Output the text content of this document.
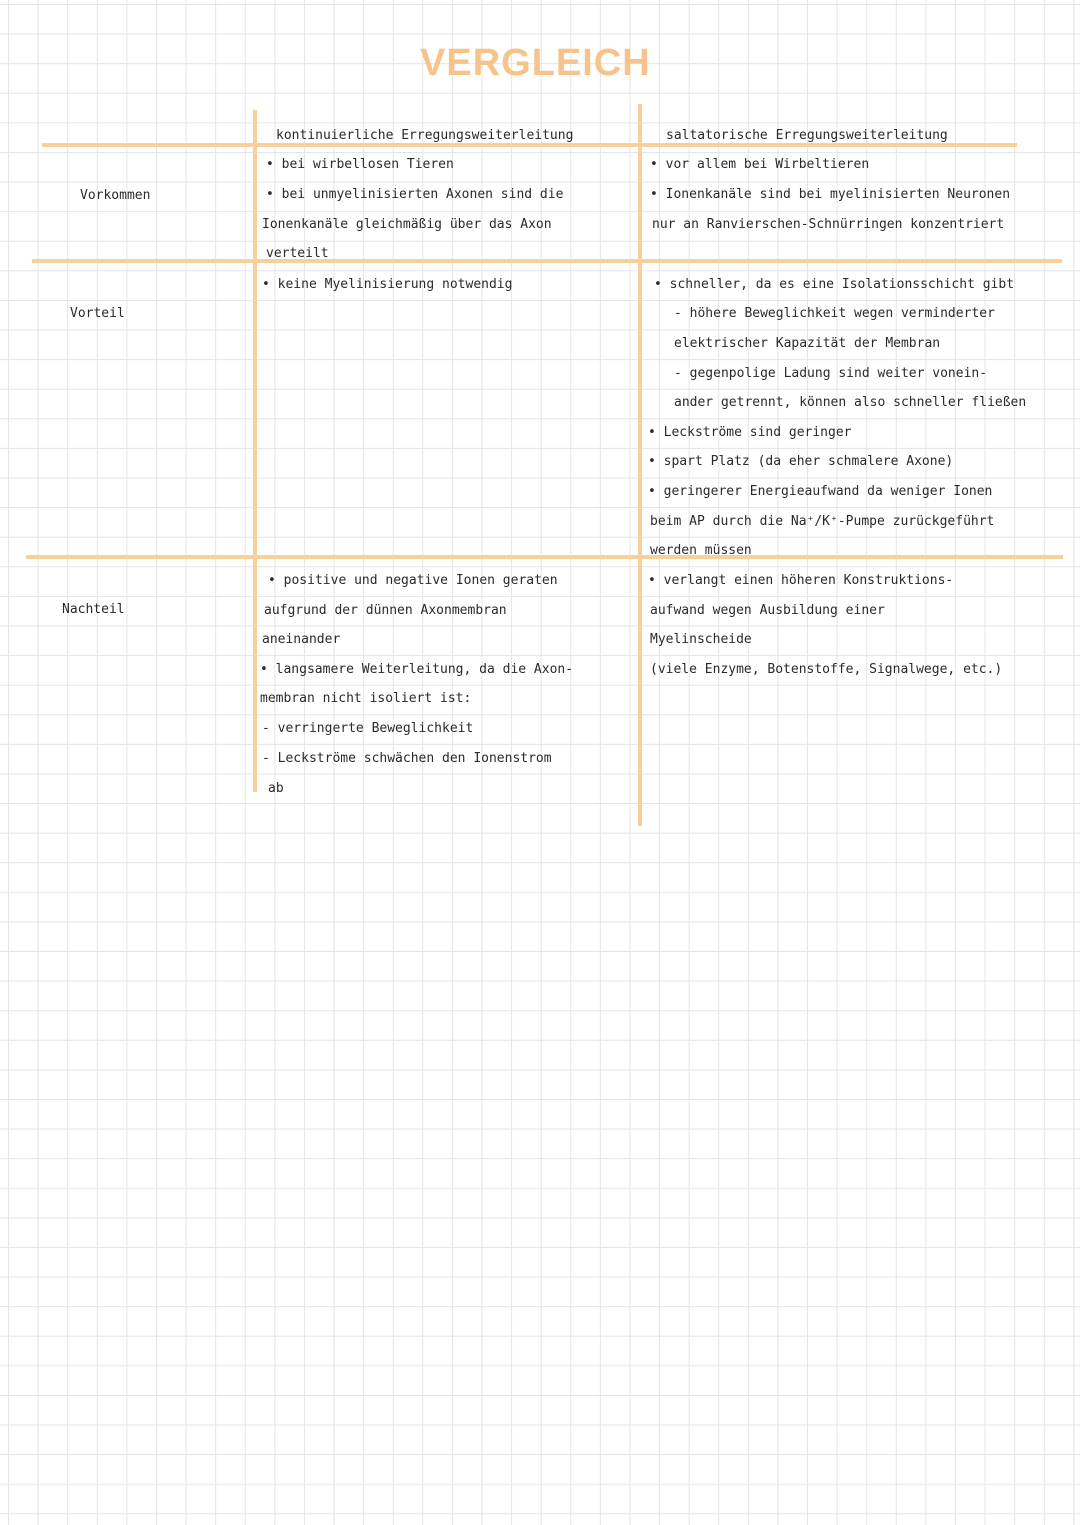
VERGLEICH
kontinuierliche Erregungsweiterleitung	saltatorische Erregungsweiterleitung
Vorkommen
Vorteil
Nachteil
• bei wirbellosen Tieren
• bei unmyelinisierten Axonen sind die
Ionenkanäle gleichmäßig über das Axon
verteilt
• vor allem bei Wirbeltieren
• Ionenkanäle sind bei myelinisierten Neuronen
nur an Ranvierschen-Schnürringen konzentriert
• keine Myelinisierung notwendig	• schneller, da es eine Isolationsschicht gibt
- höhere Beweglichkeit wegen verminderter
elektrischer Kapazität der Membran
- gegenpolige Ladung sind weiter vonein-
ander getrennt, können also schneller fließen
• Leckströme sind geringer
• spart Platz (da eher schmalere Axone)
• geringerer Energieaufwand da weniger Ionen
beim AP durch die Na⁺/K⁺-Pumpe zurückgeführt
werden müssen
• positive und negative Ionen geraten
aufgrund der dünnen Axonmembran
aneinander
• langsamere Weiterleitung, da die Axon-
membran nicht isoliert ist:
- verringerte Beweglichkeit
- Leckströme schwächen den Ionenstrom
ab
• verlangt einen höheren Konstruktions-
aufwand wegen Ausbildung einer
Myelinscheide
(viele Enzyme, Botenstoffe, Signalwege, etc.)
